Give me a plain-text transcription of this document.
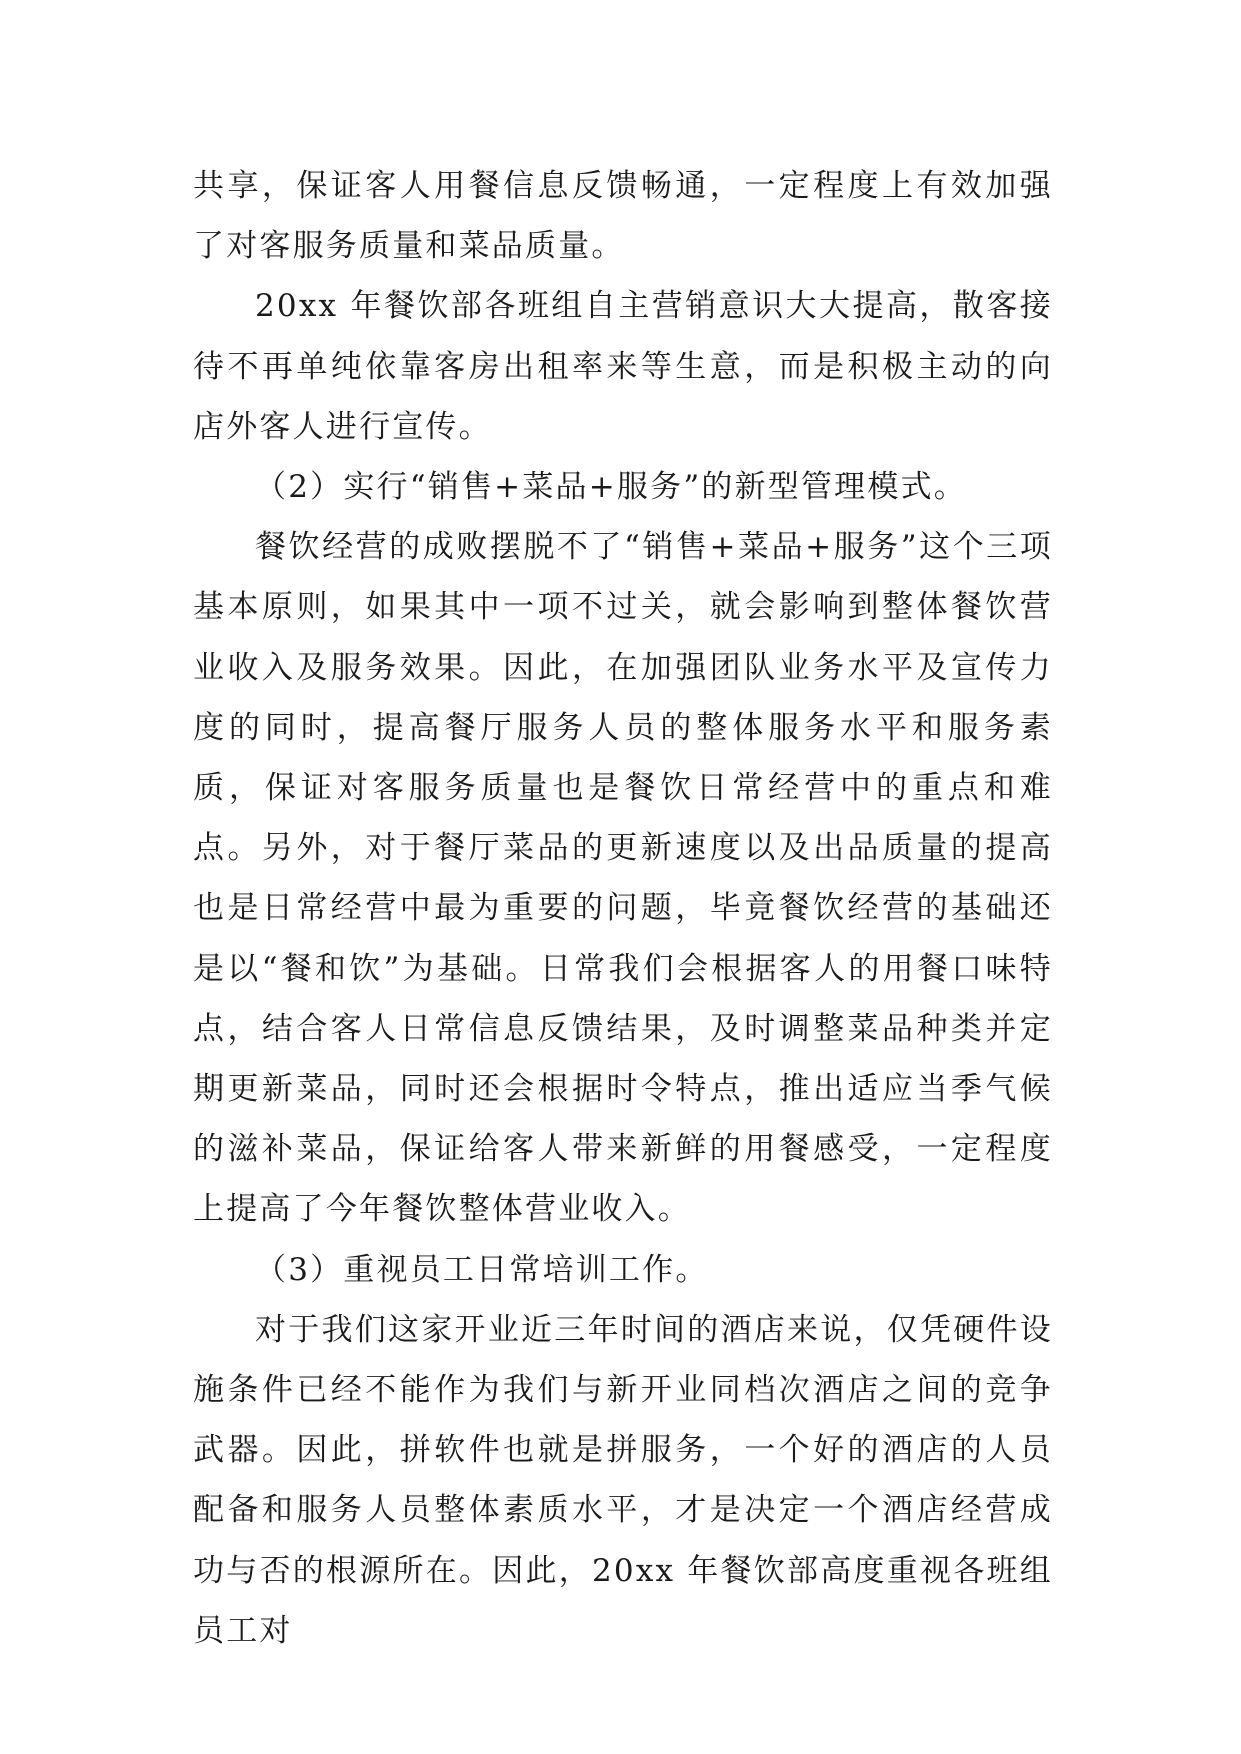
共享，保证客人用餐信息反馈畅通，一定程度上有效加强了对客服务质量和菜品质量。

20xx 年餐饮部各班组自主营销意识大大提高，散客接待不再单纯依靠客房出租率来等生意，而是积极主动的向店外客人进行宣传。

（2）实行“销售+菜品+服务”的新型管理模式。

餐饮经营的成败摆脱不了“销售+菜品+服务”这个三项基本原则，如果其中一项不过关，就会影响到整体餐饮营业收入及服务效果。因此，在加强团队业务水平及宣传力度的同时，提高餐厅服务人员的整体服务水平和服务素质，保证对客服务质量也是餐饮日常经营中的重点和难点。另外，对于餐厅菜品的更新速度以及出品质量的提高也是日常经营中最为重要的问题，毕竟餐饮经营的基础还是以“餐和饮”为基础。日常我们会根据客人的用餐口味特点，结合客人日常信息反馈结果，及时调整菜品种类并定期更新菜品，同时还会根据时令特点，推出适应当季气候的滋补菜品，保证给客人带来新鲜的用餐感受，一定程度上提高了今年餐饮整体营业收入。

（3）重视员工日常培训工作。

对于我们这家开业近三年时间的酒店来说，仅凭硬件设施条件已经不能作为我们与新开业同档次酒店之间的竞争武器。因此，拼软件也就是拼服务，一个好的酒店的人员配备和服务人员整体素质水平，才是决定一个酒店经营成功与否的根源所在。因此，20xx 年餐饮部高度重视各班组员工对
